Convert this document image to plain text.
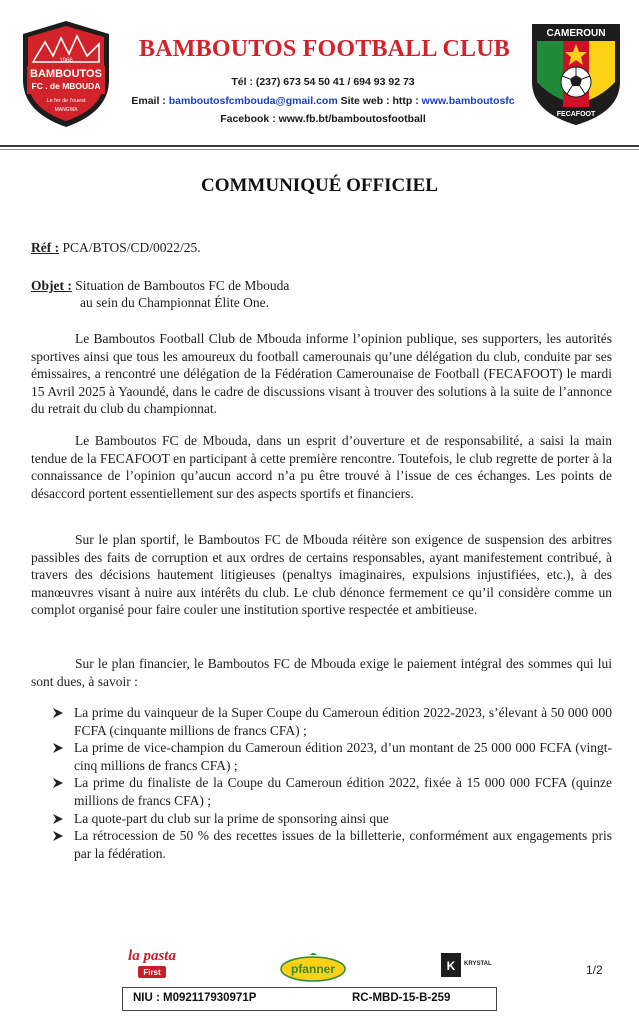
1966
BAMBOUTOS
FC . de MBOUDA
Le fer de l'ouest
MANGWA
BAMBOUTOS FOOTBALL CLUB
Tél : (237) 673 54 50 41 / 694 93 92 73
Email : bamboutosfcmbouda@gmail.com Site web : http : www.bamboutosfc
Facebook : www.fb.bt/bamboutosfootball
CAMEROUN
FECAFOOT
COMMUNIQUÉ OFFICIEL
Réf : PCA/BTOS/CD/0022/25.
Objet : Situation de Bamboutos FC de Mbouda
au sein du Championnat Élite One.

Le Bamboutos Football Club de Mbouda informe l’opinion publique, ses supporters, les autorités sportives ainsi que tous les amoureux du football camerounais qu’une délégation du club, conduite par ses émissaires, a rencontré une délégation de la Fédération Camerounaise de Football (FECAFOOT) le mardi 15 Avril 2025 à Yaoundé, dans le cadre de discussions visant à trouver des solutions à la suite de l’annonce du retrait du club du championnat.

Le Bamboutos FC de Mbouda, dans un esprit d’ouverture et de responsabilité, a saisi la main tendue de la FECAFOOT en participant à cette première rencontre. Toutefois, le club regrette de porter à la connaissance de l’opinion qu’aucun accord n’a pu être trouvé à l’issue de ces échanges. Les points de désaccord portent essentiellement sur des aspects sportifs et financiers.

Sur le plan sportif, le Bamboutos FC de Mbouda réitère son exigence de suspension des arbitres passibles des faits de corruption et aux ordres de certains responsables, ayant manifestement contribué, à travers des décisions hautement litigieuses (penaltys imaginaires, expulsions injustifiées, etc.), à des manœuvres visant à nuire aux intérêts du club. Le club dénonce fermement ce qu’il considère comme un complot organisé pour faire couler une institution sportive respectée et ambitieuse.

Sur le plan financier, le Bamboutos FC de Mbouda exige le paiement intégral des sommes qui lui sont dues, à savoir :

La prime du vainqueur de la Super Coupe du Cameroun édition 2022-2023, s’élevant à 50 000 000 FCFA (cinquante millions de francs CFA) ;
La prime de vice-champion du Cameroun édition 2023, d’un montant de 25 000 000 FCFA (vingt-cinq millions de francs CFA) ;
La prime du finaliste de la Coupe du Cameroun édition 2022, fixée à 15 000 000 FCFA (quinze millions de francs CFA) ;
La quote-part du club sur la prime de sponsoring ainsi que
La rétrocession de 50 % des recettes issues de la billetterie, conformément aux engagements pris par la fédération.
la pasta
First	pfanner	K KRYSTAL	1/2
NIU : M092117930971P	RC-MBD-15-B-259
